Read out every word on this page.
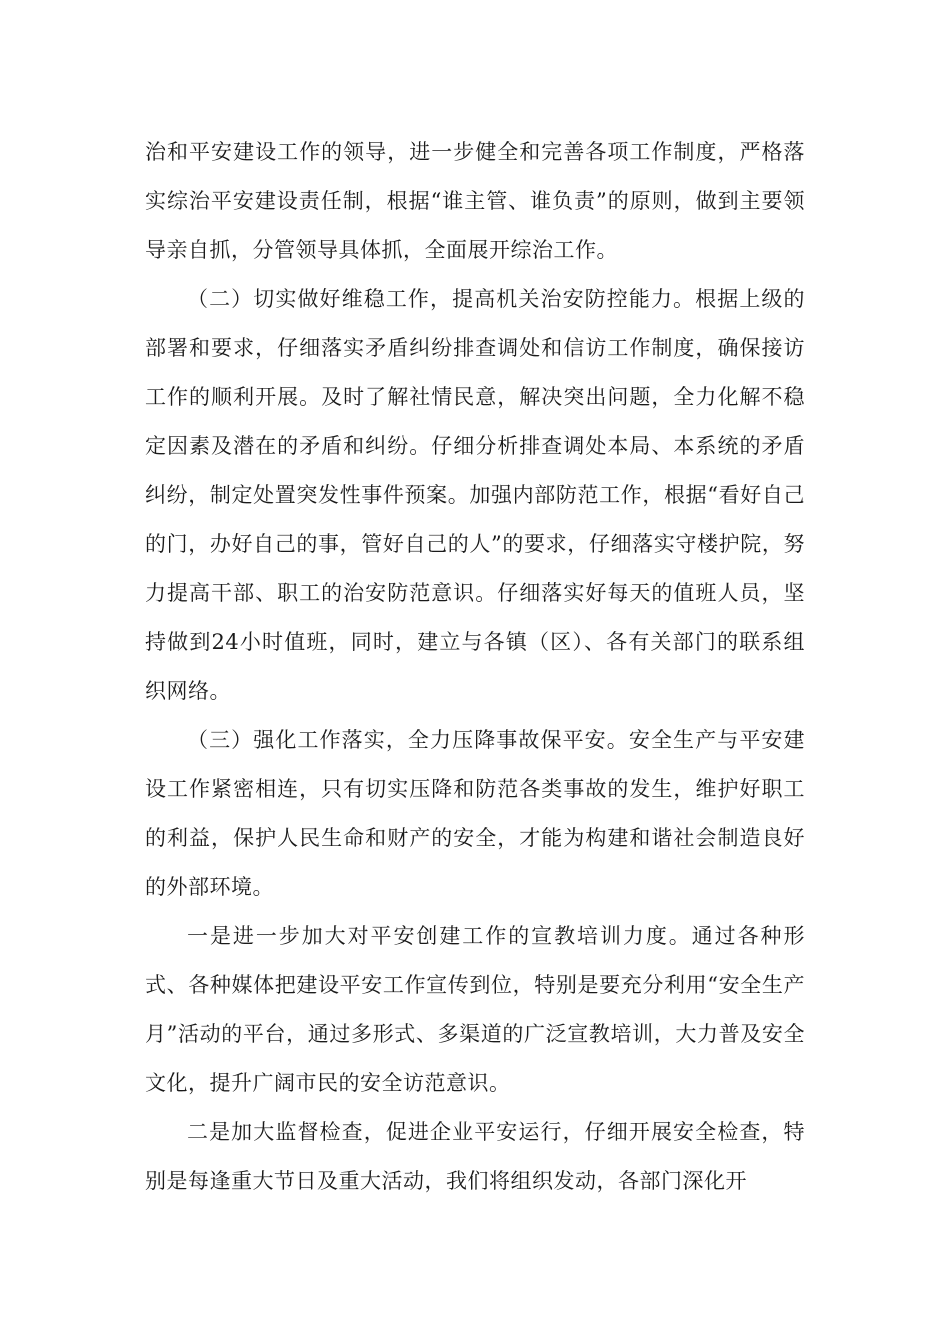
治和平安建设工作的领导，进一步健全和完善各项工作制度，严格落实综治平安建设责任制，根据“谁主管、谁负责”的原则，做到主要领导亲自抓，分管领导具体抓，全面展开综治工作。

（二）切实做好维稳工作，提高机关治安防控能力。根据上级的部署和要求，仔细落实矛盾纠纷排查调处和信访工作制度，确保接访工作的顺利开展。及时了解社情民意，解决突出问题，全力化解不稳定因素及潜在的矛盾和纠纷。仔细分析排查调处本局、本系统的矛盾纠纷，制定处置突发性事件预案。加强内部防范工作，根据“看好自己的门，办好自己的事，管好自己的人”的要求，仔细落实守楼护院，努力提高干部、职工的治安防范意识。仔细落实好每天的值班人员，坚持做到24小时值班，同时，建立与各镇（区）、各有关部门的联系组织网络。

（三）强化工作落实，全力压降事故保平安。安全生产与平安建设工作紧密相连，只有切实压降和防范各类事故的发生，维护好职工的利益，保护人民生命和财产的安全，才能为构建和谐社会制造良好的外部环境。

一是进一步加大对平安创建工作的宣教培训力度。通过各种形式、各种媒体把建设平安工作宣传到位，特别是要充分利用“安全生产月”活动的平台，通过多形式、多渠道的广泛宣教培训，大力普及安全文化，提升广阔市民的安全访范意识。

二是加大监督检查，促进企业平安运行，仔细开展安全检查，特别是每逢重大节日及重大活动，我们将组织发动，各部门深化开
